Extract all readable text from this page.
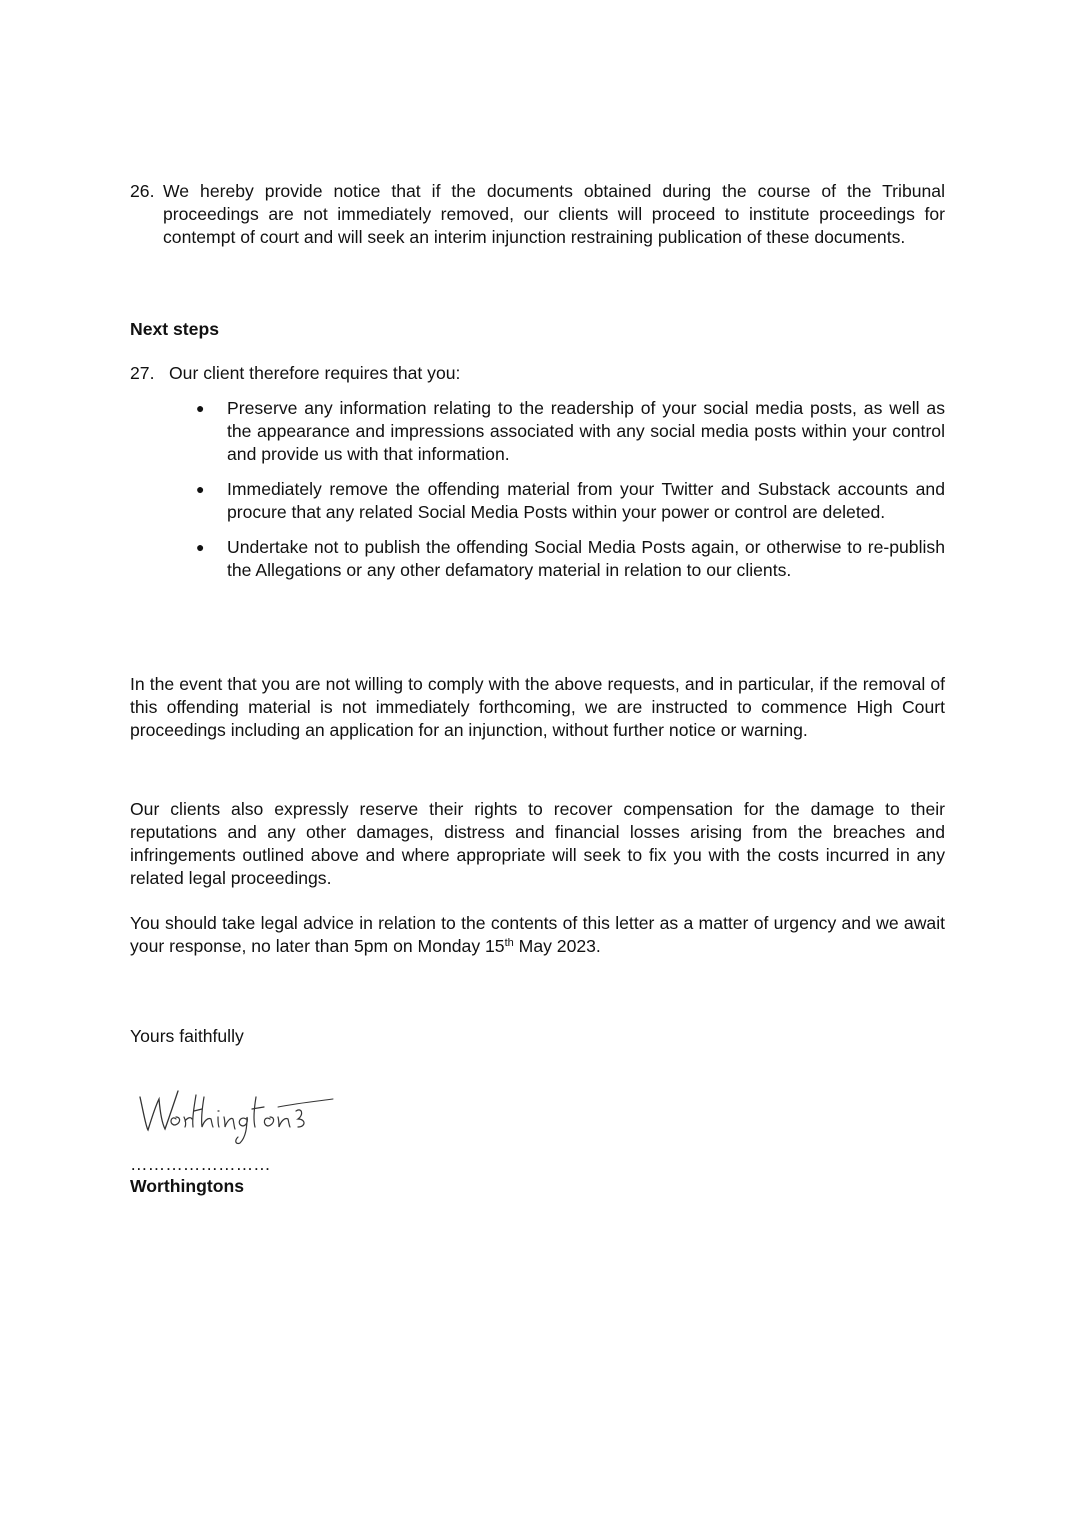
26. We hereby provide notice that if the documents obtained during the course of the Tribunal proceedings are not immediately removed, our clients will proceed to institute proceedings for contempt of court and will seek an interim injunction restraining publication of these documents.
Next steps
27. Our client therefore requires that you:
●	Preserve any information relating to the readership of your social media posts, as well as the appearance and impressions associated with any social media posts within your control and provide us with that information.
●	Immediately remove the offending material from your Twitter and Substack accounts and procure that any related Social Media Posts within your power or control are deleted.
●	Undertake not to publish the offending Social Media Posts again, or otherwise to re-publish the Allegations or any other defamatory material in relation to our clients.
In the event that you are not willing to comply with the above requests, and in particular, if the removal of this offending material is not immediately forthcoming, we are instructed to commence High Court proceedings including an application for an injunction, without further notice or warning.
Our clients also expressly reserve their rights to recover compensation for the damage to their reputations and any other damages, distress and financial losses arising from the breaches and infringements outlined above and where appropriate will seek to fix you with the costs incurred in any related legal proceedings.
You should take legal advice in relation to the contents of this letter as a matter of urgency and we await your response, no later than 5pm on Monday 15th May 2023.
Yours faithfully
……………………
Worthingtons
